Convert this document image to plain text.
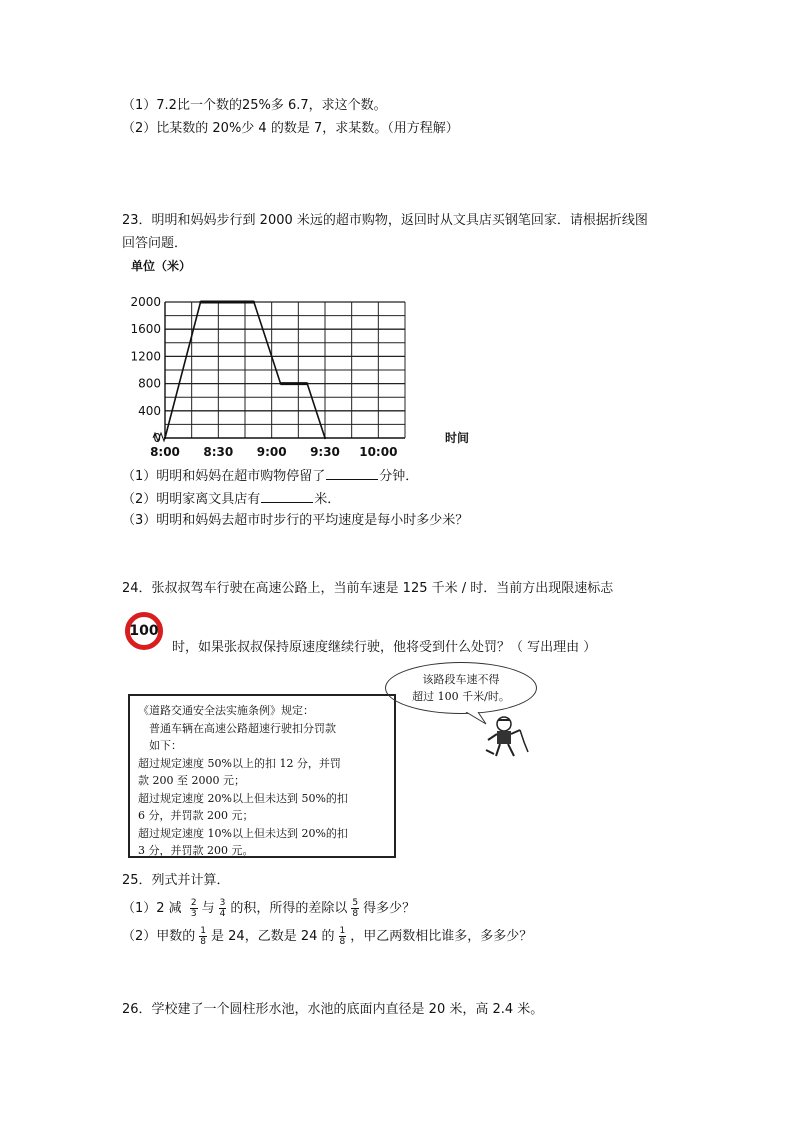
（1）7.2比一个数的25%多 6.7，求这个数。
（2）比某数的 20%少 4 的数是 7，求某数。（用方程解）
23．明明和妈妈步行到 2000 米远的超市购物，返回时从文具店买钢笔回家．请根据折线图
回答问题．
0
400
800
1200
1600
2000
8:00 8:30 9:00 9:30 10:00
单位（米）
时间
（1）明明和妈妈在超市购物停留了	分钟．
（2）明明家离文具店有	米．
（3）明明和妈妈去超市时步行的平均速度是每小时多少米？
24．张叔叔驾车行驶在高速公路上，当前车速是 125 千米 / 时．当前方出现限速标志
100
时，如果张叔叔保持原速度继续行驶，他将受到什么处罚？（ 写出理由 ）
《道路交通安全法实施条例》规定：
　普通车辆在高速公路超速行驶扣分罚款
　如下：
超过规定速度 50%以上的扣 12 分，并罚
款 200 至 2000 元；
超过规定速度 20%以上但未达到 50%的扣
6 分，并罚款 200 元；
超过规定速度 10%以上但未达到 20%的扣
3 分，并罚款 200 元。
该路段车速不得
超过 100 千米/时。
25．列式并计算．
（1）2 减 $\frac{2}{3}$ 与 $\frac{3}{4}$ 的积，所得的差除以 $\frac{5}{8}$ 得多少？
（2）甲数的 $\frac{1}{8}$ 是 24，乙数是 24 的 $\frac{1}{8}$ ，甲乙两数相比谁多，多多少？
26．学校建了一个圆柱形水池，水池的底面内直径是 20 米，高 2.4 米。
